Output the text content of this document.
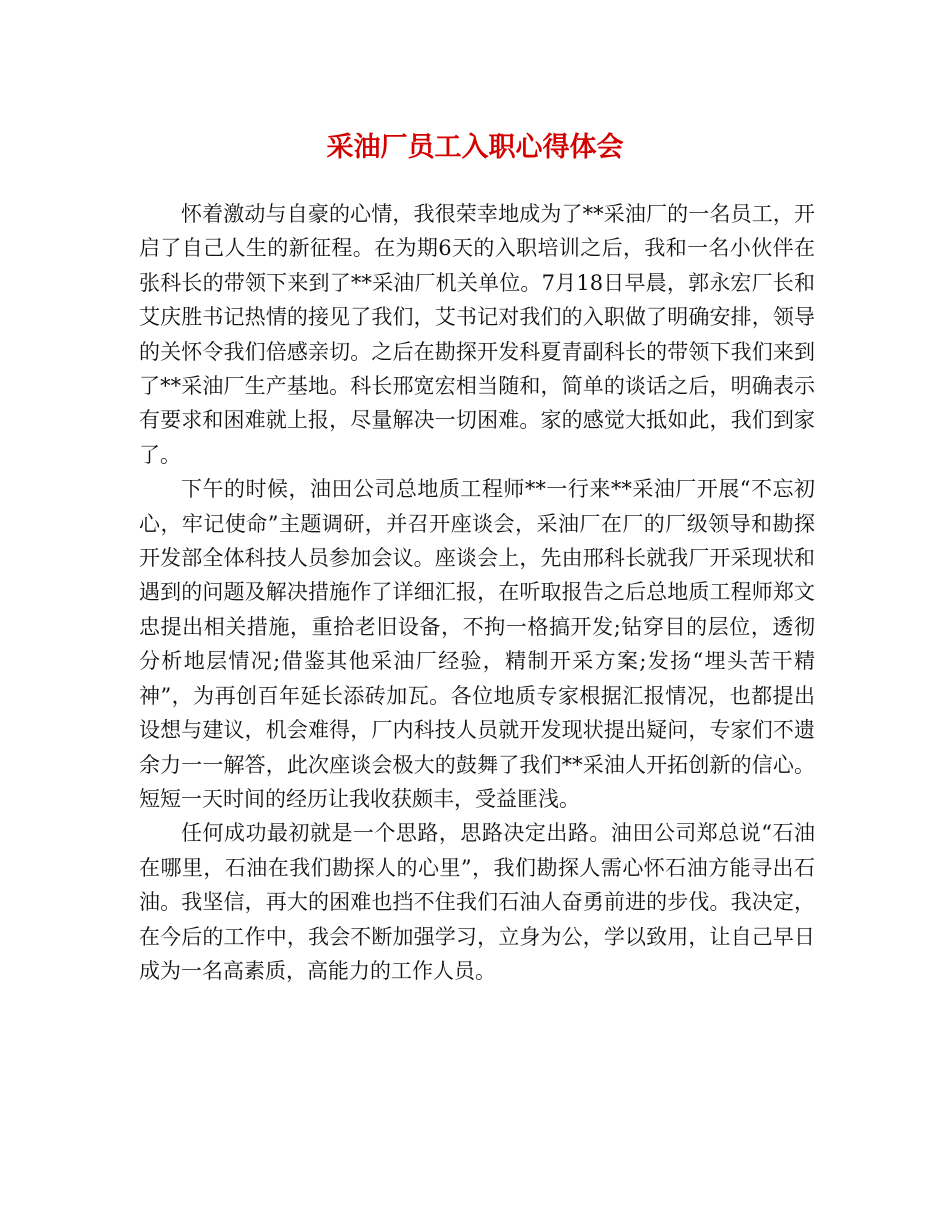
采油厂员工入职心得体会

怀着激动与自豪的心情，我很荣幸地成为了**采油厂的一名员工，开启了自己人生的新征程。在为期6天的入职培训之后，我和一名小伙伴在张科长的带领下来到了**采油厂机关单位。7月18日早晨，郭永宏厂长和艾庆胜书记热情的接见了我们，艾书记对我们的入职做了明确安排，领导的关怀令我们倍感亲切。之后在勘探开发科夏青副科长的带领下我们来到了**采油厂生产基地。科长邢宽宏相当随和，简单的谈话之后，明确表示有要求和困难就上报，尽量解决一切困难。家的感觉大抵如此，我们到家了。

下午的时候，油田公司总地质工程师**一行来**采油厂开展“不忘初心，牢记使命”主题调研，并召开座谈会，采油厂在厂的厂级领导和勘探开发部全体科技人员参加会议。座谈会上，先由邢科长就我厂开采现状和遇到的问题及解决措施作了详细汇报，在听取报告之后总地质工程师郑文忠提出相关措施，重拾老旧设备，不拘一格搞开发;钻穿目的层位，透彻分析地层情况;借鉴其他采油厂经验，精制开采方案;发扬“埋头苦干精神”，为再创百年延长添砖加瓦。各位地质专家根据汇报情况，也都提出设想与建议，机会难得，厂内科技人员就开发现状提出疑问，专家们不遗余力一一解答，此次座谈会极大的鼓舞了我们**采油人开拓创新的信心。短短一天时间的经历让我收获颇丰，受益匪浅。

任何成功最初就是一个思路，思路决定出路。油田公司郑总说“石油在哪里，石油在我们勘探人的心里”，我们勘探人需心怀石油方能寻出石油。我坚信，再大的困难也挡不住我们石油人奋勇前进的步伐。我决定，在今后的工作中，我会不断加强学习，立身为公，学以致用，让自己早日成为一名高素质，高能力的工作人员。
